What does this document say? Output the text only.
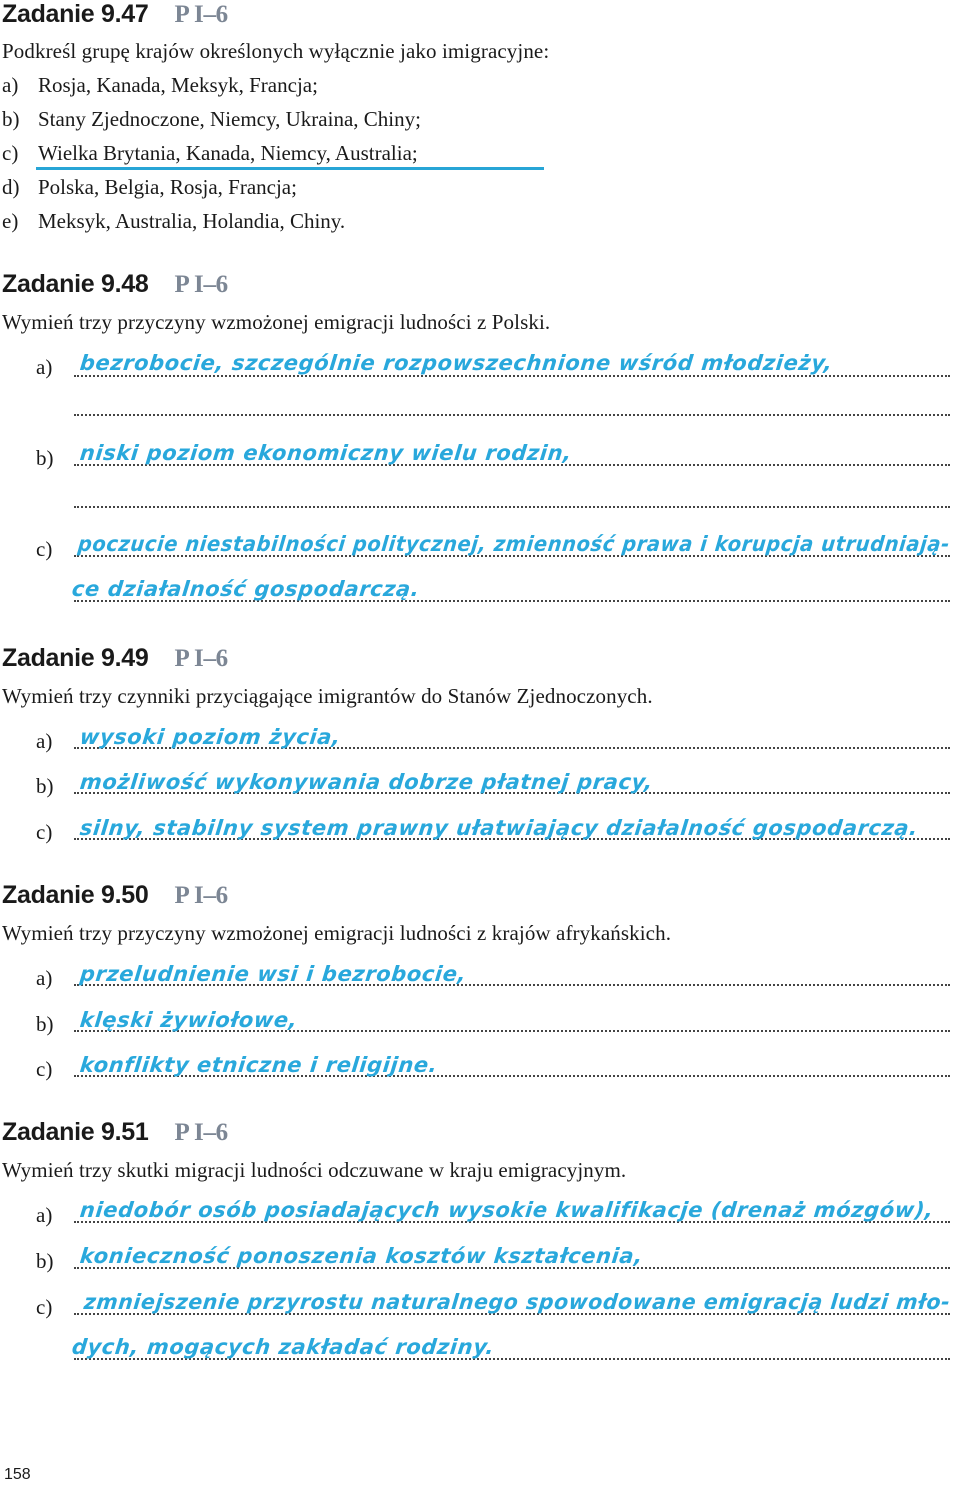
Zadanie 9.47 P I–6
Podkreśl grupę krajów określonych wyłącznie jako imigracyjne:
a) Rosja, Kanada, Meksyk, Francja;
b) Stany Zjednoczone, Niemcy, Ukraina, Chiny;
c) Wielka Brytania, Kanada, Niemcy, Australia;
d) Polska, Belgia, Rosja, Francja;
e) Meksyk, Australia, Holandia, Chiny.
Zadanie 9.48 P I–6
Wymień trzy przyczyny wzmożonej emigracji ludności z Polski.
a) bezrobocie, szczególnie rozpowszechnione wśród młodzieży,
b) niski poziom ekonomiczny wielu rodzin,
c) poczucie niestabilności politycznej, zmienność prawa i korupcja utrudniają-
ce działalność gospodarczą.
Zadanie 9.49 P I–6
Wymień trzy czynniki przyciągające imigrantów do Stanów Zjednoczonych.
a) wysoki poziom życia,
b) możliwość wykonywania dobrze płatnej pracy,
c) silny, stabilny system prawny ułatwiający działalność gospodarczą.
Zadanie 9.50 P I–6
Wymień trzy przyczyny wzmożonej emigracji ludności z krajów afrykańskich.
a) przeludnienie wsi i bezrobocie,
b) klęski żywiołowe,
c) konflikty etniczne i religijne.
Zadanie 9.51 P I–6
Wymień trzy skutki migracji ludności odczuwane w kraju emigracyjnym.
a) niedobór osób posiadających wysokie kwalifikacje (drenaż mózgów),
b) konieczność ponoszenia kosztów kształcenia,
c) zmniejszenie przyrostu naturalnego spowodowane emigracją ludzi mło-
dych, mogących zakładać rodziny.
158
